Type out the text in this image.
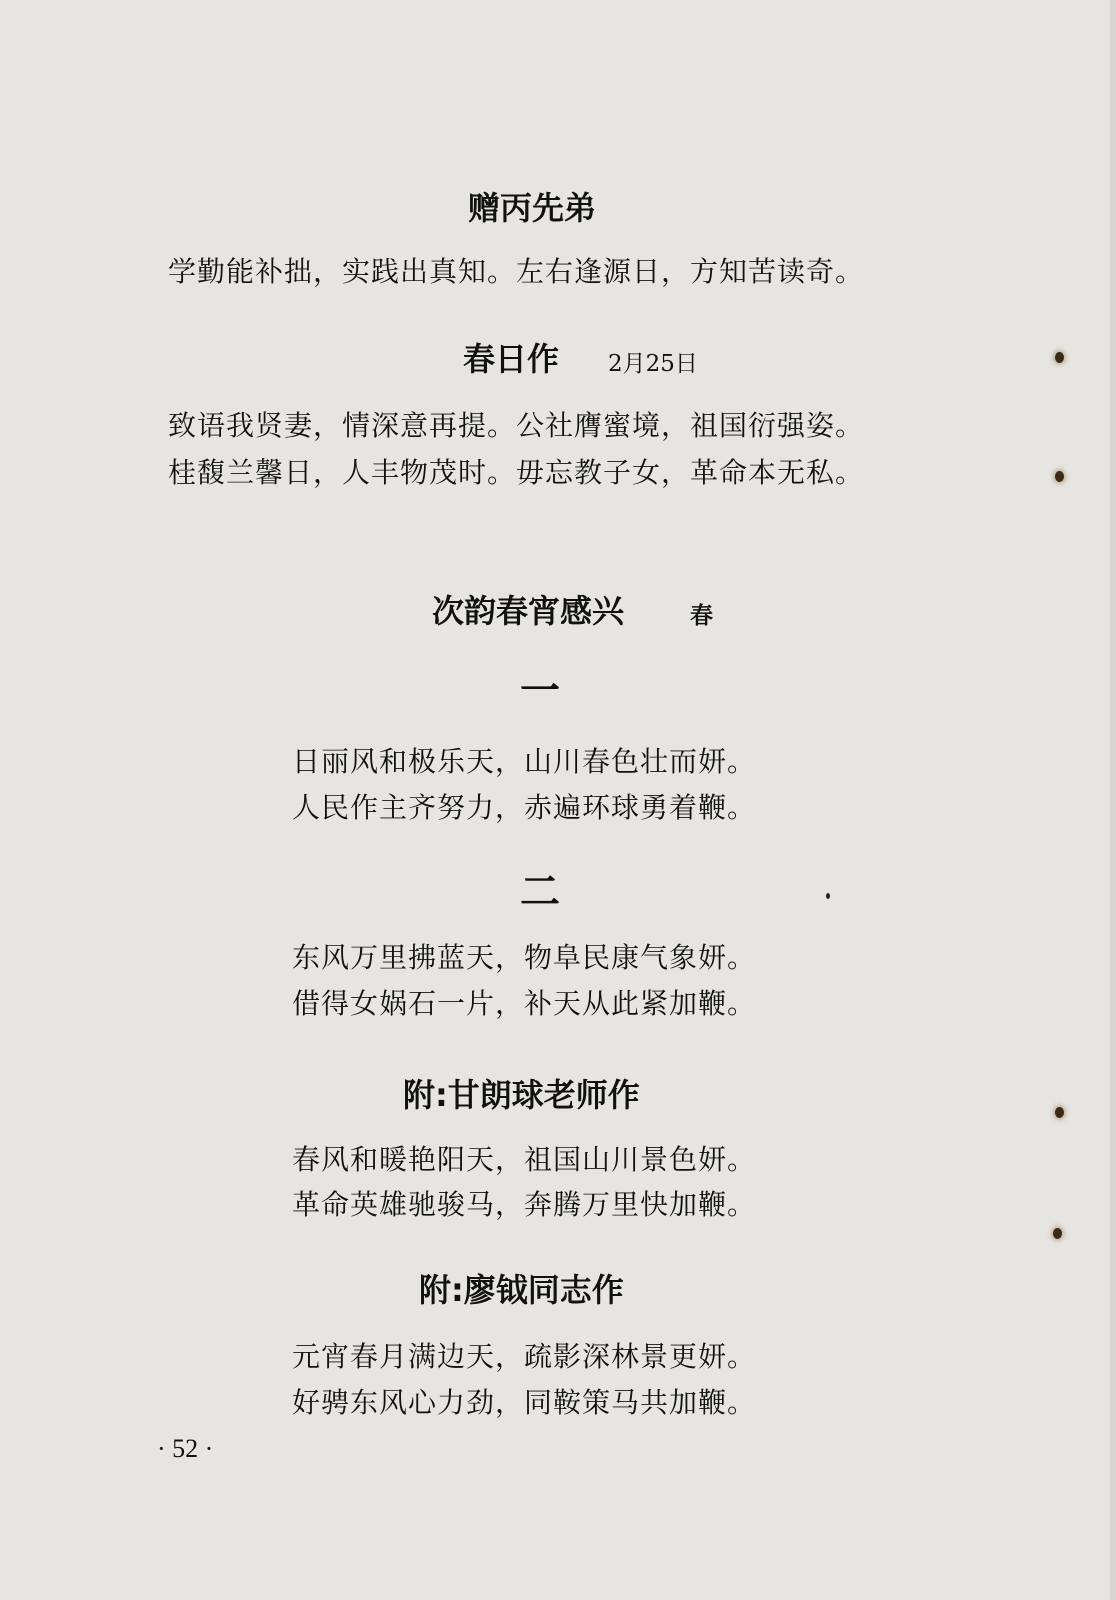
赠丙先弟
学勤能补拙，实践出真知。左右逢源日，方知苦读奇。
春日作 2月25日
致语我贤妻，情深意再提。公社膺蜜境，祖国衍强姿。
桂馥兰馨日，人丰物茂时。毋忘教子女，革命本无私。
次韵春宵感兴	春
一
日丽风和极乐天，山川春色壮而妍。
人民作主齐努力，赤遍环球勇着鞭。
二
东风万里拂蓝天，物阜民康气象妍。
借得女娲石一片，补天从此紧加鞭。
附:甘朗球老师作
春风和暖艳阳天，祖国山川景色妍。
革命英雄驰骏马，奔腾万里快加鞭。
附:廖钺同志作
元宵春月满边天，疏影深林景更妍。
好骋东风心力劲，同鞍策马共加鞭。
· 52 ·
